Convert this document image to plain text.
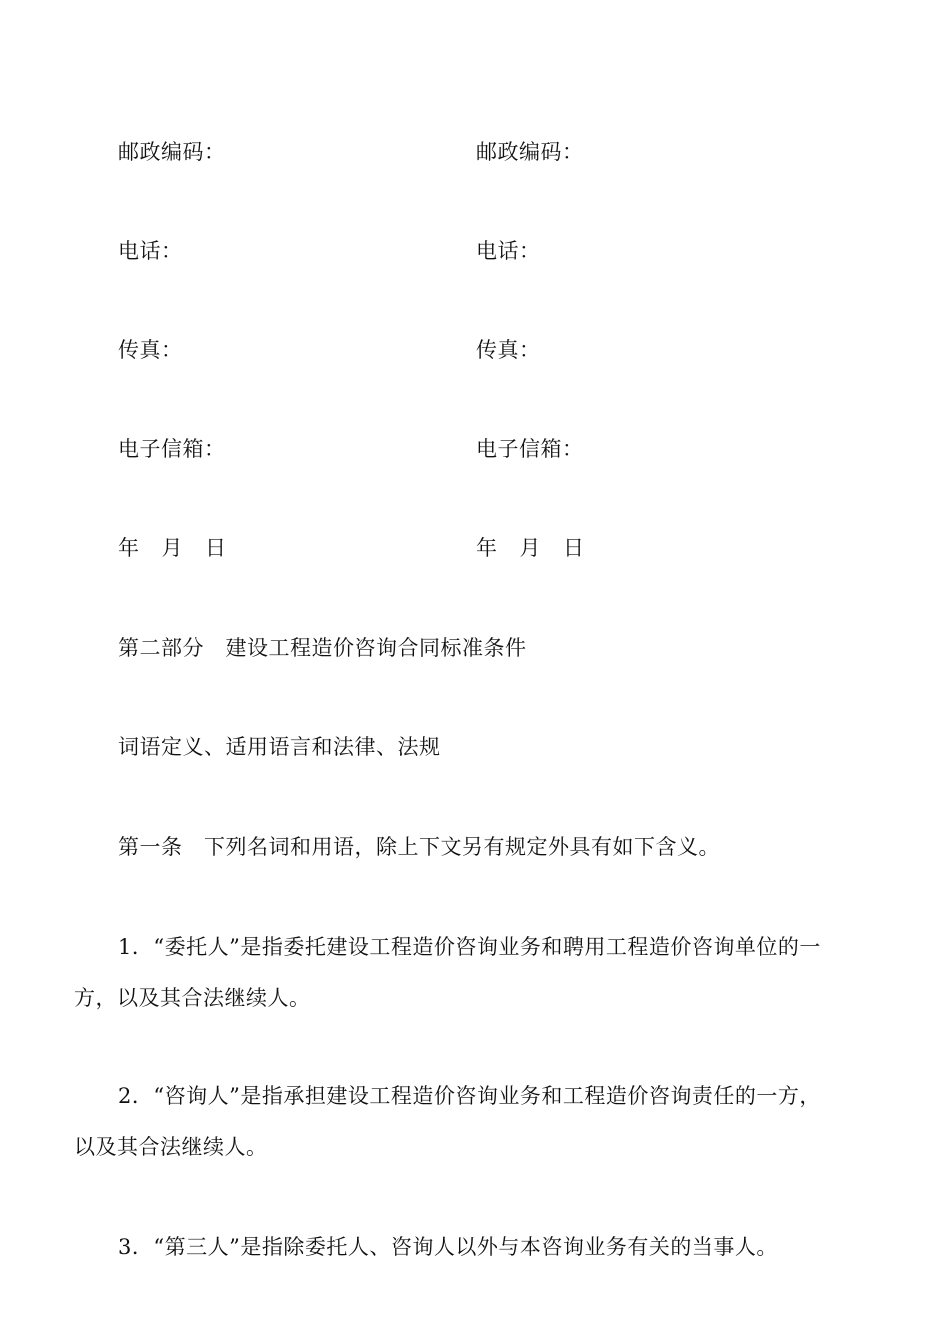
邮政编码：	邮政编码：
电话：	电话：
传真：	传真：
电子信箱：	电子信箱：
年 月 日	年 月 日
第二部分　建设工程造价咨询合同标准条件
词语定义、适用语言和法律、法规
第一条　下列名词和用语，除上下文另有规定外具有如下含义。
1．“委托人”是指委托建设工程造价咨询业务和聘用工程造价咨询单位的一
方，以及其合法继续人。
2．“咨询人”是指承担建设工程造价咨询业务和工程造价咨询责任的一方，
以及其合法继续人。
3．“第三人”是指除委托人、咨询人以外与本咨询业务有关的当事人。
